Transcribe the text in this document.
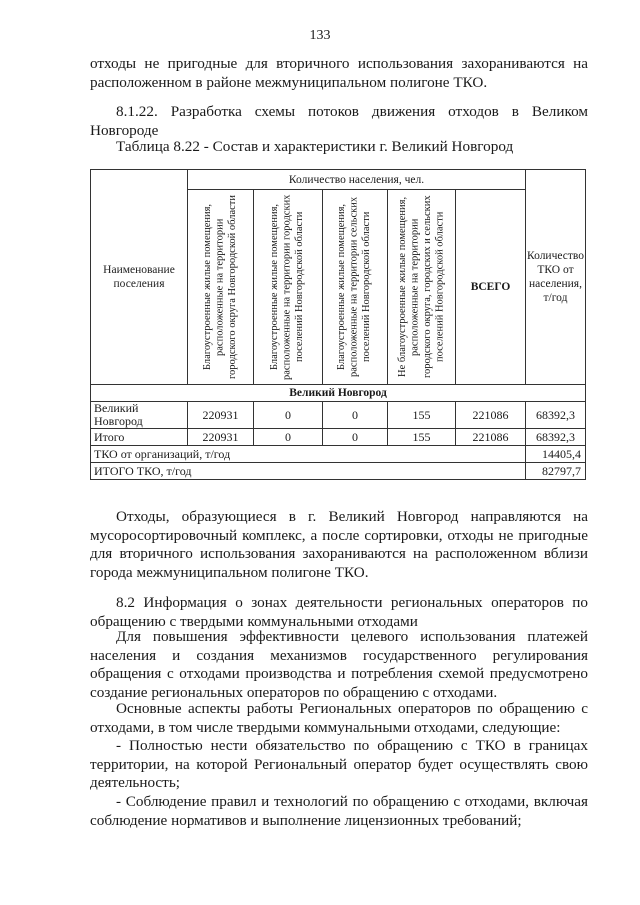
133

отходы не пригодные для вторичного использования захораниваются на расположенном в районе межмуниципальном полигоне ТКО.

8.1.22. Разработка схемы потоков движения отходов в Великом Новгороде

Таблица 8.22 - Состав и характеристики г. Великий Новгород
Наименование поселения	Количество населения, чел.					Количество ТКО от населения, т/год

	Благоустроенные жилые помещения, расположенные на территории городского округа Новгородской области	Благоустроенные жилые помещения, расположенные на территории городских поселений Новгородской области	Благоустроенные жилые помещения, расположенные на территории сельских поселений Новгородской области	Не благоустроенные жилые помещения, расположенные на территории городского округа, городских и сельских поселений Новгородской области	ВСЕГО	
Великий Новгород						
Великий Новгород	220931	0	0	155	221086	68392,3
Итого	220931	0	0	155	221086	68392,3
ТКО от организаций, т/год						14405,4
ИТОГО ТКО, т/год						82797,7

Отходы, образующиеся в г. Великий Новгород направляются на мусоросортировочный комплекс, а после сортировки, отходы не пригодные для вторичного использования захораниваются на расположенном вблизи города межмуниципальном полигоне ТКО.

8.2 Информация о зонах деятельности региональных операторов по обращению с твердыми коммунальными отходами

Для повышения эффективности целевого использования платежей населения и создания механизмов государственного регулирования обращения с отходами производства и потребления схемой предусмотрено создание региональных операторов по обращению с отходами.

Основные аспекты работы Региональных операторов по обращению с отходами, в том числе твердыми коммунальными отходами, следующие:

- Полностью нести обязательство по обращению с ТКО в границах территории, на которой Региональный оператор будет осуществлять свою деятельность;

- Соблюдение правил и технологий по обращению с отходами, включая соблюдение нормативов и выполнение лицензионных требований;
